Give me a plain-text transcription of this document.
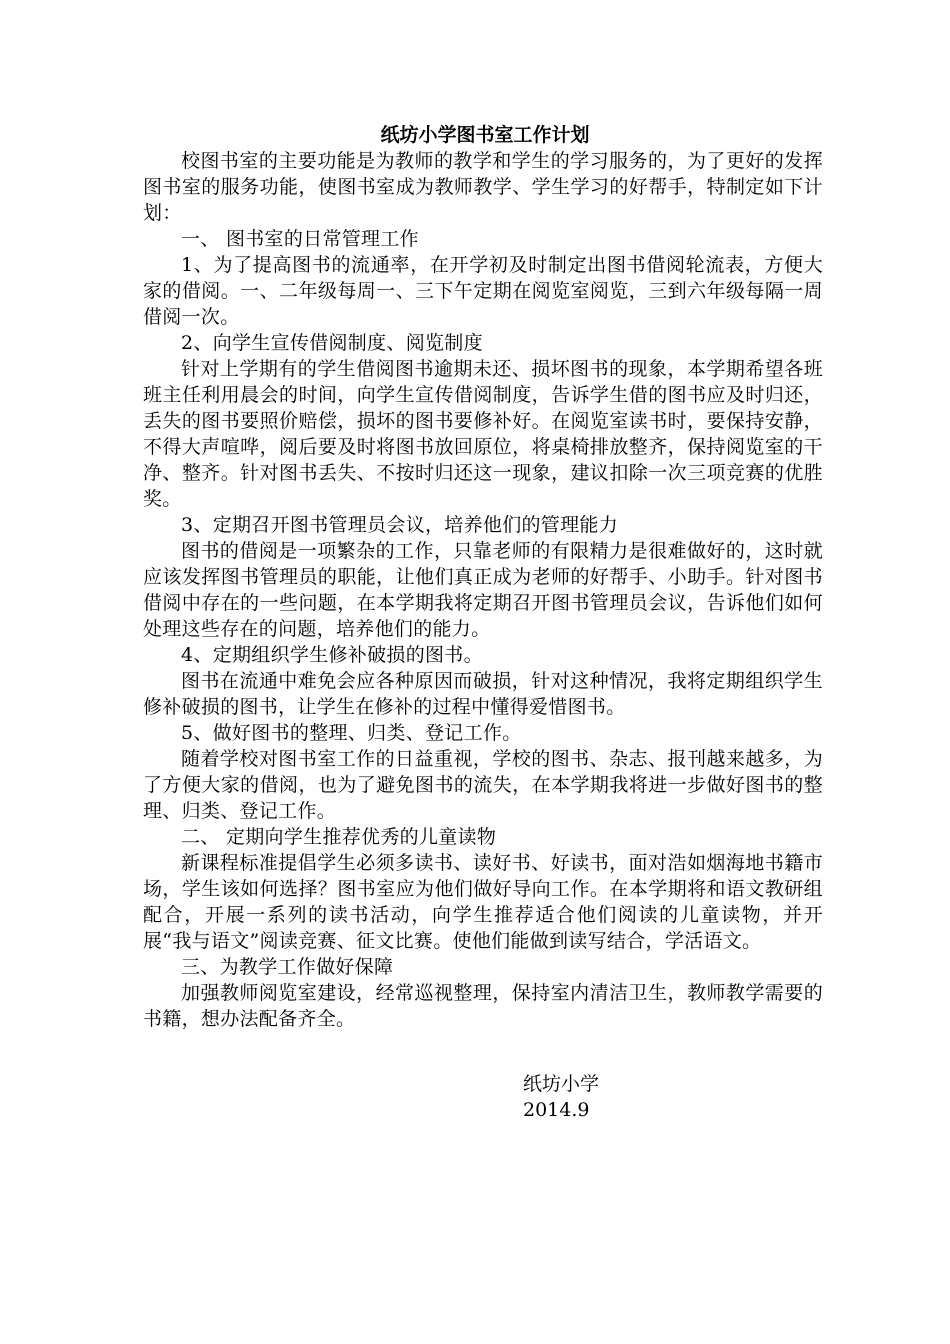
纸坊小学图书室工作计划

校图书室的主要功能是为教师的教学和学生的学习服务的，为了更好的发挥图书室的服务功能，使图书室成为教师教学、学生学习的好帮手，特制定如下计划：

一、 图书室的日常管理工作

1、为了提高图书的流通率，在开学初及时制定出图书借阅轮流表，方便大家的借阅。一、二年级每周一、三下午定期在阅览室阅览，三到六年级每隔一周借阅一次。

2、向学生宣传借阅制度、阅览制度

针对上学期有的学生借阅图书逾期未还、损坏图书的现象，本学期希望各班班主任利用晨会的时间，向学生宣传借阅制度，告诉学生借的图书应及时归还，丢失的图书要照价赔偿，损坏的图书要修补好。在阅览室读书时，要保持安静，不得大声喧哗，阅后要及时将图书放回原位，将桌椅排放整齐，保持阅览室的干净、整齐。针对图书丢失、不按时归还这一现象，建议扣除一次三项竞赛的优胜奖。

3、定期召开图书管理员会议，培养他们的管理能力

图书的借阅是一项繁杂的工作，只靠老师的有限精力是很难做好的，这时就应该发挥图书管理员的职能，让他们真正成为老师的好帮手、小助手。针对图书借阅中存在的一些问题，在本学期我将定期召开图书管理员会议，告诉他们如何处理这些存在的问题，培养他们的能力。

4、定期组织学生修补破损的图书。

图书在流通中难免会应各种原因而破损，针对这种情况，我将定期组织学生修补破损的图书，让学生在修补的过程中懂得爱惜图书。

5、做好图书的整理、归类、登记工作。

随着学校对图书室工作的日益重视，学校的图书、杂志、报刊越来越多，为了方便大家的借阅，也为了避免图书的流失，在本学期我将进一步做好图书的整理、归类、登记工作。

二、 定期向学生推荐优秀的儿童读物

新课程标准提倡学生必须多读书、读好书、好读书，面对浩如烟海地书籍市场，学生该如何选择？图书室应为他们做好导向工作。在本学期将和语文教研组配合，开展一系列的读书活动，向学生推荐适合他们阅读的儿童读物，并开展“我与语文”阅读竞赛、征文比赛。使他们能做到读写结合，学活语文。

三、为教学工作做好保障

加强教师阅览室建设，经常巡视整理，保持室内清洁卫生，教师教学需要的书籍，想办法配备齐全。

纸坊小学
2014.9
